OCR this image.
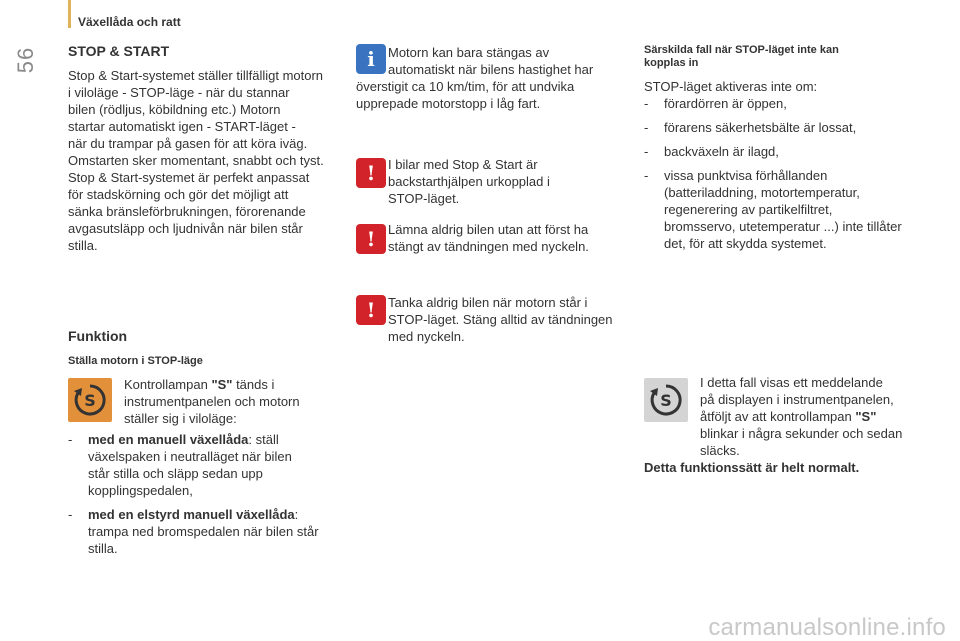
56
Växellåda och ratt
STOP & START
Stop & Start-systemet ställer tillfälligt motorn
i viloläge - STOP-läge - när du stannar
bilen (rödljus, köbildning etc.) Motorn
startar automatiskt igen - START-läget -
när du trampar på gasen för att köra iväg.
Omstarten sker momentant, snabbt och tyst.
Stop & Start-systemet är perfekt anpassat
för stadskörning och gör det möjligt att
sänka bränsleförbrukningen, förorenande
avgasutsläpp och ljudnivån när bilen står
stilla.
Funktion
Ställa motorn i STOP-läge
S
Kontrollampan "S" tänds i
instrumentpanelen och motorn
ställer sig i viloläge:
-	med en manuell växellåda: ställ
växelspaken i neutralläget när bilen
står stilla och släpp sedan upp
kopplingspedalen,
-	med en elstyrd manuell växellåda:
trampa ned bromspedalen när bilen står
stilla.
i Motorn kan bara stängas av
automatiskt när bilens hastighet har
överstigit ca 10 km/tim, för att undvika
upprepade motorstopp i låg fart.
! I bilar med Stop & Start är
backstarthjälpen urkopplad i
STOP-läget.
! Lämna aldrig bilen utan att först ha
stängt av tändningen med nyckeln.
! Tanka aldrig bilen när motorn står i
STOP-läget. Stäng alltid av tändningen
med nyckeln.
Särskilda fall när STOP-läget inte kan
kopplas in
STOP-läget aktiveras inte om:
-	förardörren är öppen,
-	förarens säkerhetsbälte är lossat,
-	backväxeln är ilagd,
-	vissa punktvisa förhållanden
(batteriladdning, motortemperatur,
regenerering av partikelfiltret,
bromsservo, utetemperatur ...) inte tillåter
det, för att skydda systemet.
S
I detta fall visas ett meddelande
på displayen i instrumentpanelen,
åtföljt av att kontrollampan "S"
blinkar i några sekunder och sedan
släcks.
Detta funktionssätt är helt normalt.
carmanualsonline.info
